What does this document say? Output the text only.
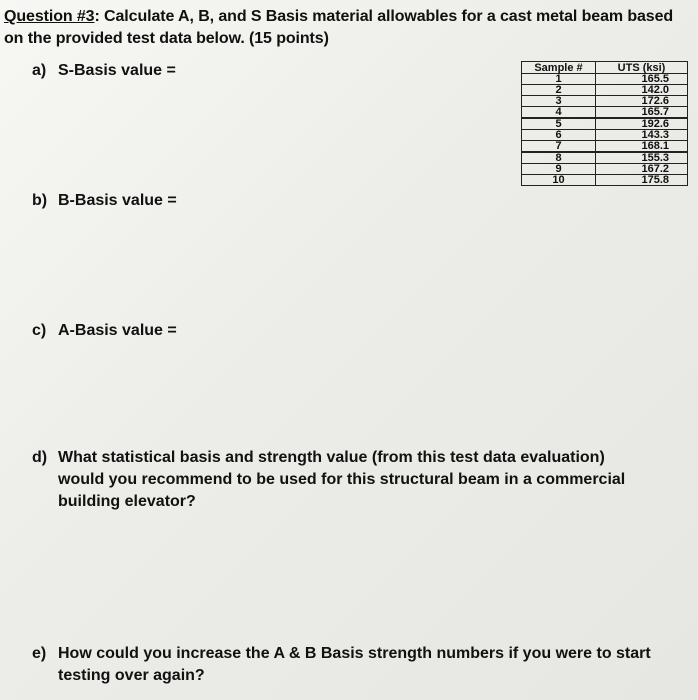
Question #3: Calculate A, B, and S Basis material allowables for a cast metal beam based on the provided test data below. (15 points)
a) S-Basis value =
b) B-Basis value =
c) A-Basis value =
d) What statistical basis and strength value (from this test data evaluation) would you recommend to be used for this structural beam in a commercial building elevator?
e) How could you increase the A & B Basis strength numbers if you were to start testing over again?
Sample #	UTS (ksi)
1	165.5
2	142.0
3	172.6
4	165.7
5	192.6
6	143.3
7	168.1
8	155.3
9	167.2
10	175.8
